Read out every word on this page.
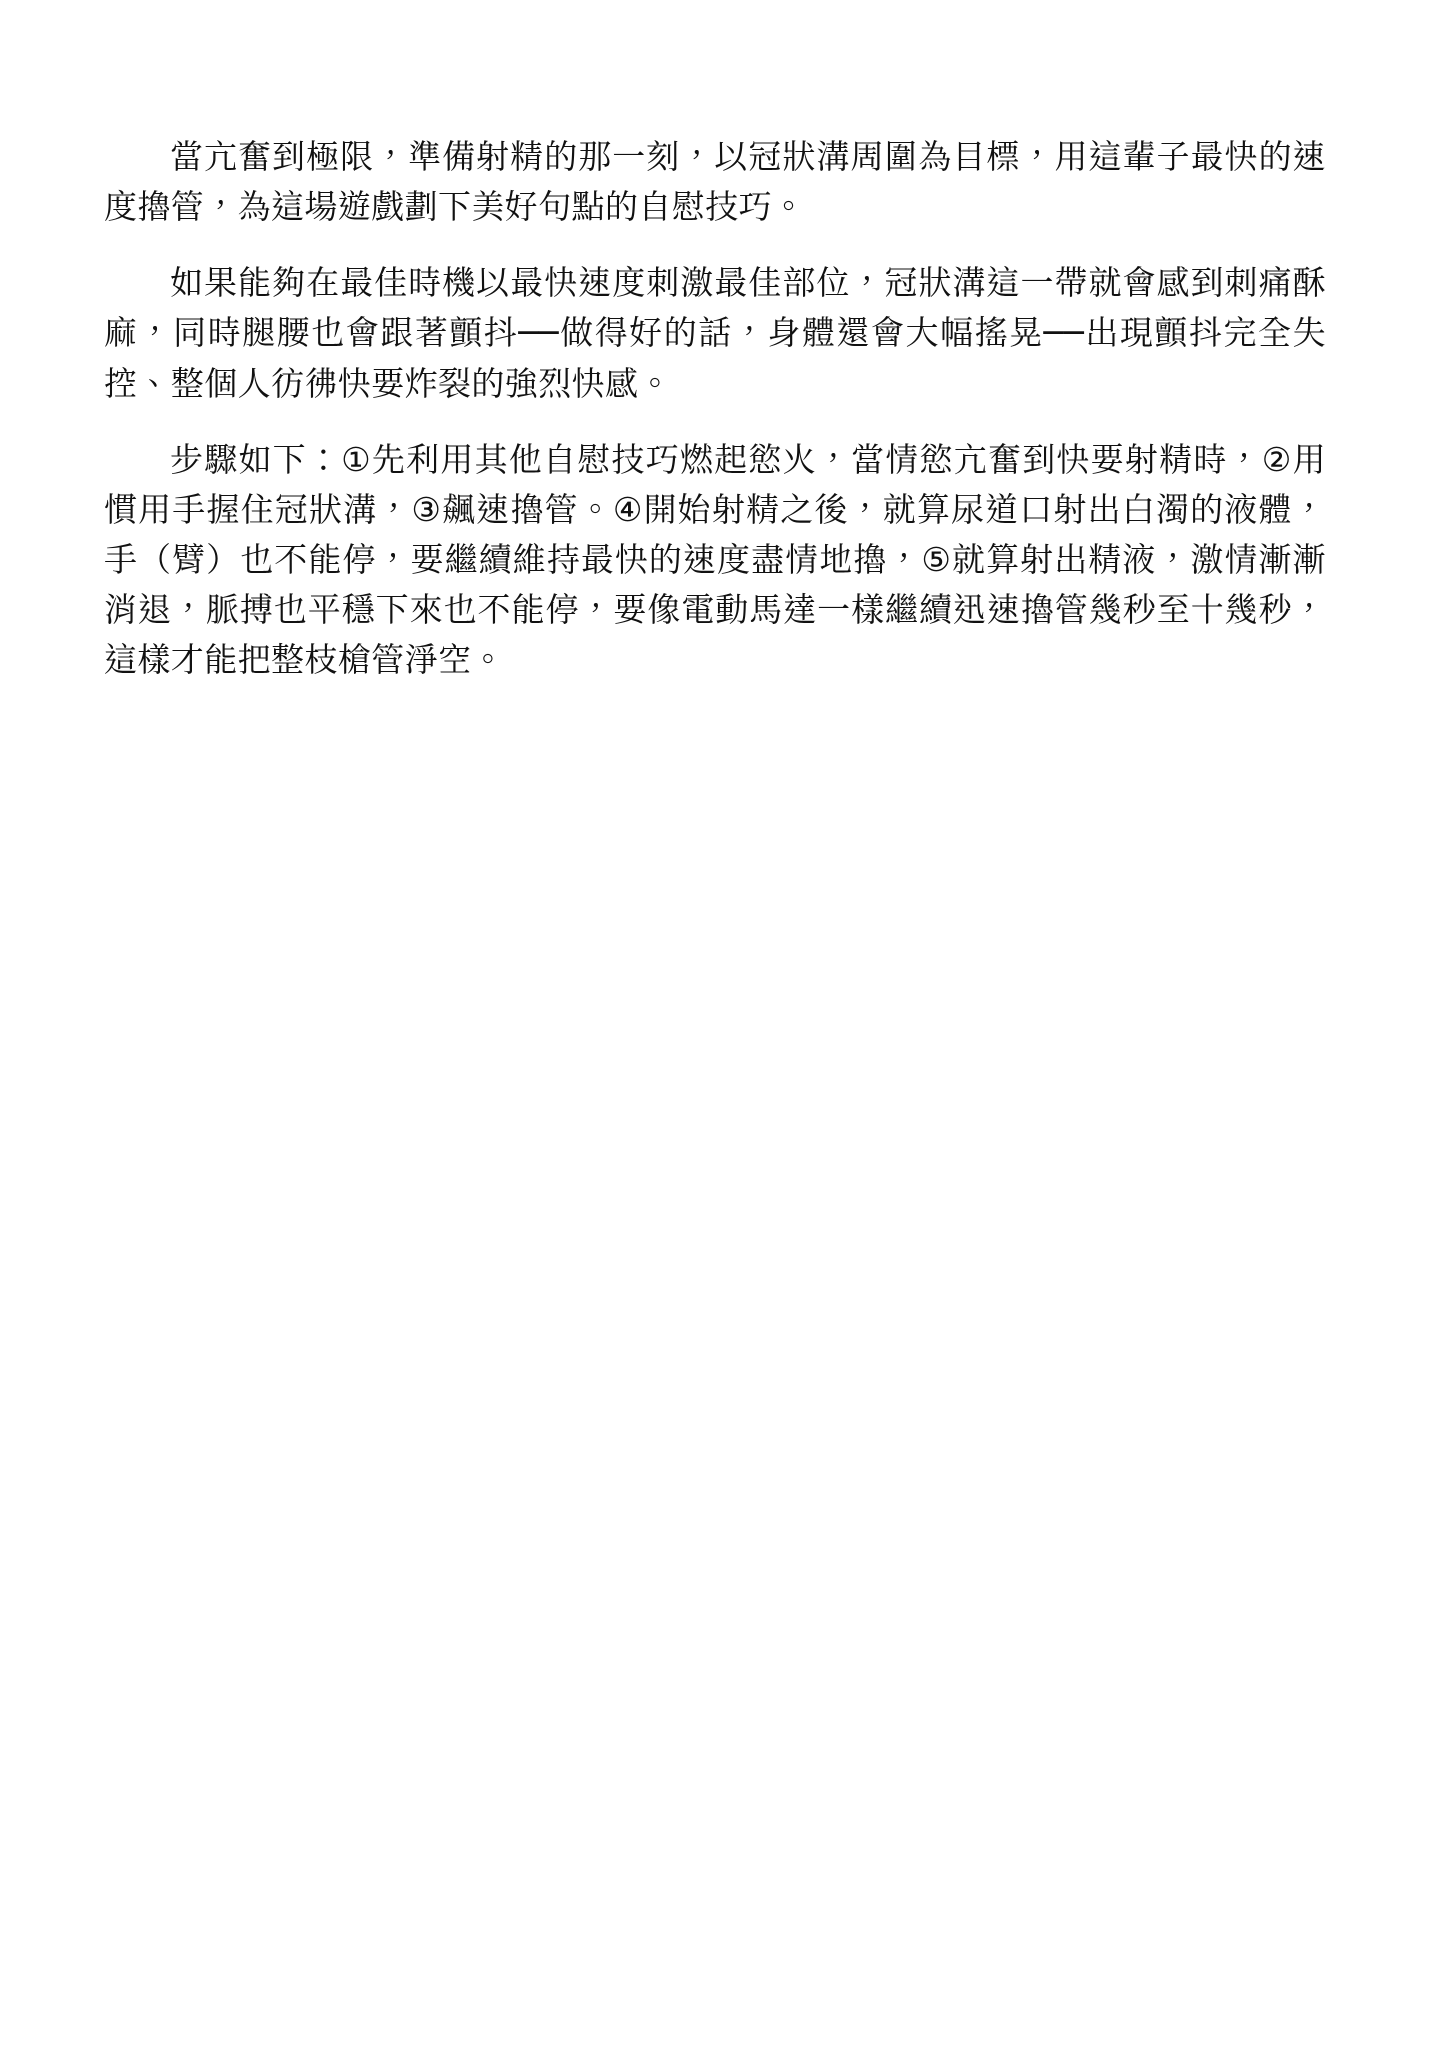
當亢奮到極限，準備射精的那一刻，以冠狀溝周圍為目標，用這輩子最快的速度擼管，為這場遊戲劃下美好句點的自慰技巧。

如果能夠在最佳時機以最快速度刺激最佳部位，冠狀溝這一帶就會感到刺痛酥麻，同時腿腰也會跟著顫抖──做得好的話，身體還會大幅搖晃──出現顫抖完全失控、整個人彷彿快要炸裂的強烈快感。

步驟如下：①先利用其他自慰技巧燃起慾火，當情慾亢奮到快要射精時，②用慣用手握住冠狀溝，③飆速擼管。④開始射精之後，就算尿道口射出白濁的液體，手（臂）也不能停，要繼續維持最快的速度盡情地擼，⑤就算射出精液，激情漸漸消退，脈搏也平穩下來也不能停，要像電動馬達一樣繼續迅速擼管幾秒至十幾秒，這樣才能把整枝槍管淨空。
